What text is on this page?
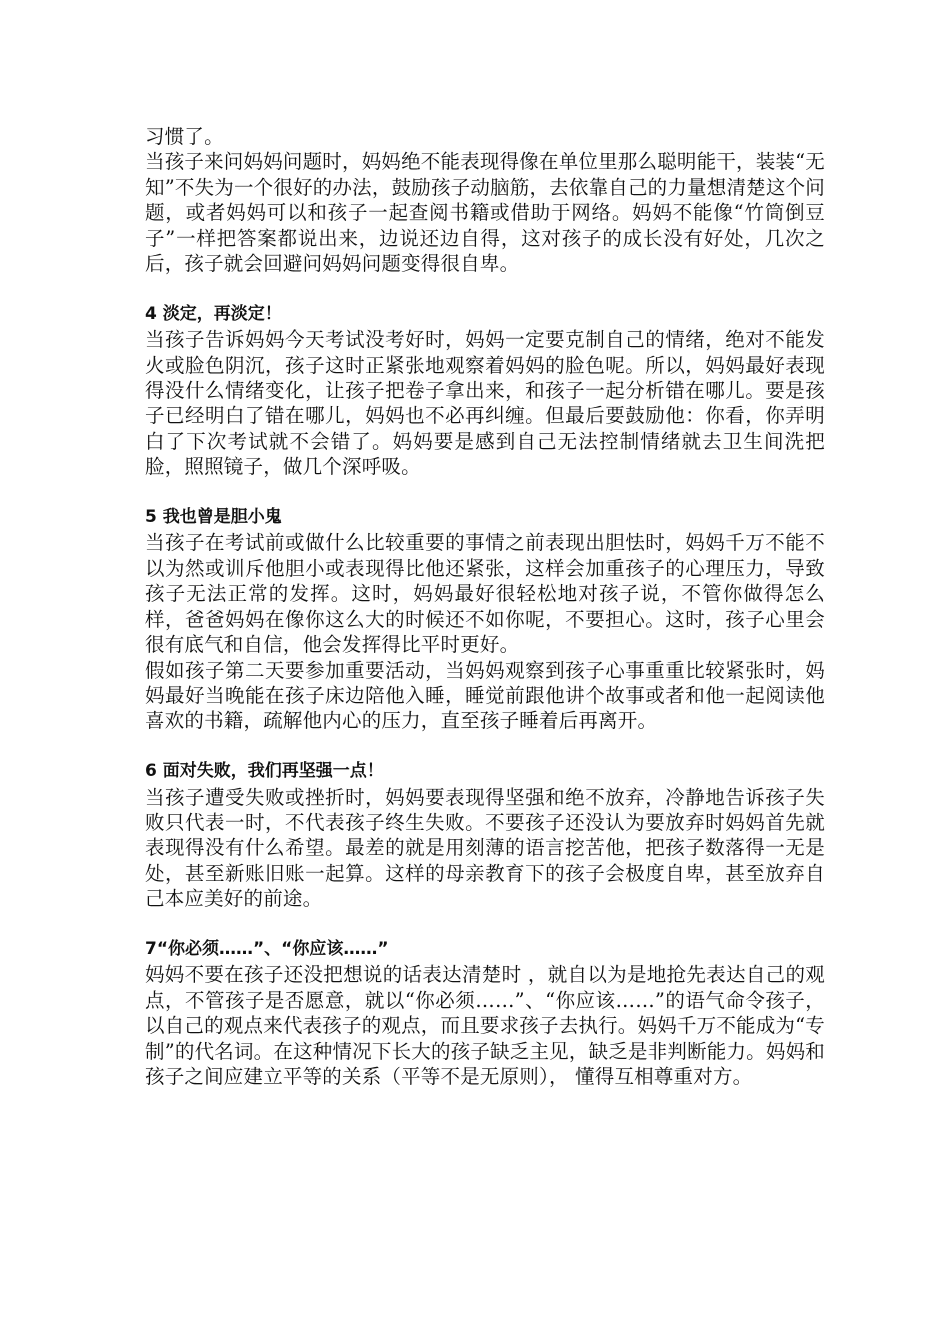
习惯了。

当孩子来问妈妈问题时，妈妈绝不能表现得像在单位里那么聪明能干，装装“无知”不失为一个很好的办法，鼓励孩子动脑筋，去依靠自己的力量想清楚这个问题，或者妈妈可以和孩子一起查阅书籍或借助于网络。妈妈不能像“竹筒倒豆子”一样把答案都说出来，边说还边自得，这对孩子的成长没有好处，几次之后，孩子就会回避问妈妈问题变得很自卑。

4 淡定，再淡定！

当孩子告诉妈妈今天考试没考好时，妈妈一定要克制自己的情绪，绝对不能发火或脸色阴沉，孩子这时正紧张地观察着妈妈的脸色呢。所以，妈妈最好表现得没什么情绪变化，让孩子把卷子拿出来，和孩子一起分析错在哪儿。要是孩子已经明白了错在哪儿，妈妈也不必再纠缠。但最后要鼓励他：你看，你弄明白了下次考试就不会错了。妈妈要是感到自己无法控制情绪就去卫生间洗把脸，照照镜子，做几个深呼吸。

5 我也曾是胆小鬼

当孩子在考试前或做什么比较重要的事情之前表现出胆怯时，妈妈千万不能不以为然或训斥他胆小或表现得比他还紧张，这样会加重孩子的心理压力，导致孩子无法正常的发挥。这时，妈妈最好很轻松地对孩子说，不管你做得怎么样，爸爸妈妈在像你这么大的时候还不如你呢，不要担心。这时，孩子心里会很有底气和自信，他会发挥得比平时更好。

假如孩子第二天要参加重要活动，当妈妈观察到孩子心事重重比较紧张时，妈妈最好当晚能在孩子床边陪他入睡，睡觉前跟他讲个故事或者和他一起阅读他喜欢的书籍，疏解他内心的压力，直至孩子睡着后再离开。

6 面对失败，我们再坚强一点！

当孩子遭受失败或挫折时，妈妈要表现得坚强和绝不放弃，冷静地告诉孩子失败只代表一时，不代表孩子终生失败。不要孩子还没认为要放弃时妈妈首先就表现得没有什么希望。最差的就是用刻薄的语言挖苦他，把孩子数落得一无是处，甚至新账旧账一起算。这样的母亲教育下的孩子会极度自卑，甚至放弃自己本应美好的前途。

7“你必须……”、“你应该……”

妈妈不要在孩子还没把想说的话表达清楚时 ，就自以为是地抢先表达自己的观点，不管孩子是否愿意，就以“你必须……”、“你应该……”的语气命令孩子，以自己的观点来代表孩子的观点，而且要求孩子去执行。妈妈千万不能成为“专制”的代名词。在这种情况下长大的孩子缺乏主见，缺乏是非判断能力。妈妈和孩子之间应建立平等的关系（平等不是无原则）， 懂得互相尊重对方。
